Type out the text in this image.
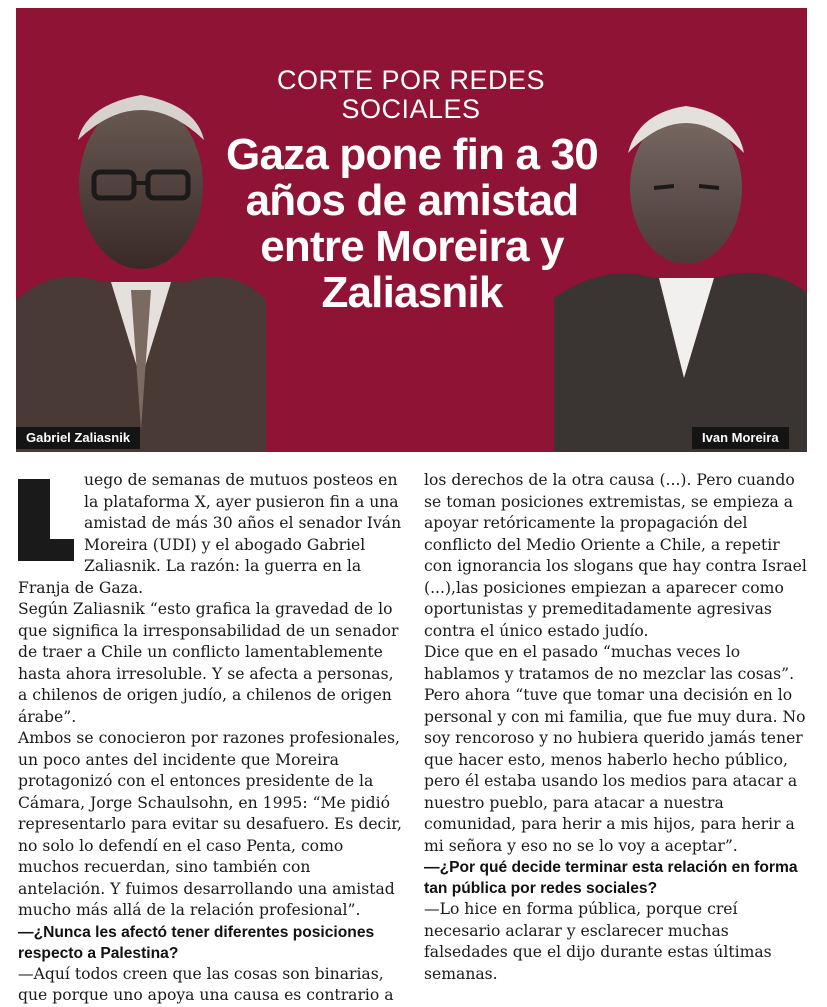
CORTE POR REDES SOCIALES
Gaza pone fin a 30 años de amistad entre Moreira y Zaliasnik
Gabriel Zaliasnik	Ivan Moreira

uego de semanas de mutuos posteos en la plataforma X, ayer pusieron fin a una amistad de más 30 años el senador Iván Moreira (UDI) y el abogado Gabriel Zaliasnik. La razón: la guerra en la Franja de Gaza.

Según Zaliasnik “esto grafica la gravedad de lo que significa la irresponsabilidad de un senador de traer a Chile un conflicto lamentablemente hasta ahora irresoluble. Y se afecta a personas, a chilenos de origen judío, a chilenos de origen árabe”.

Ambos se conocieron por razones profesionales, un poco antes del incidente que Moreira protagonizó con el entonces presidente de la Cámara, Jorge Schaulsohn, en 1995: “Me pidió representarlo para evitar su desafuero. Es decir, no solo lo defendí en el caso Penta, como muchos recuerdan, sino también con antelación. Y fuimos desarrollando una amistad mucho más allá de la relación profesional”.

—¿Nunca les afectó tener diferentes posiciones respecto a Palestina?

—Aquí todos creen que las cosas son binarias, que porque uno apoya una causa es contrario a

los derechos de la otra causa (...). Pero cuando se toman posiciones extremistas, se empieza a apoyar retóricamente la propagación del conflicto del Medio Oriente a Chile, a repetir con ignorancia los slogans que hay contra Israel (...),las posiciones empiezan a aparecer como oportunistas y premeditadamente agresivas contra el único estado judío.

Dice que en el pasado “muchas veces lo hablamos y tratamos de no mezclar las cosas”. Pero ahora “tuve que tomar una decisión en lo personal y con mi familia, que fue muy dura. No soy rencoroso y no hubiera querido jamás tener que hacer esto, menos haberlo hecho público, pero él estaba usando los medios para atacar a nuestro pueblo, para atacar a nuestra comunidad, para herir a mis hijos, para herir a mi señora y eso no se lo voy a aceptar”.

—¿Por qué decide terminar esta relación en forma tan pública por redes sociales?

—Lo hice en forma pública, porque creí necesario aclarar y esclarecer muchas falsedades que el dijo durante estas últimas semanas.
